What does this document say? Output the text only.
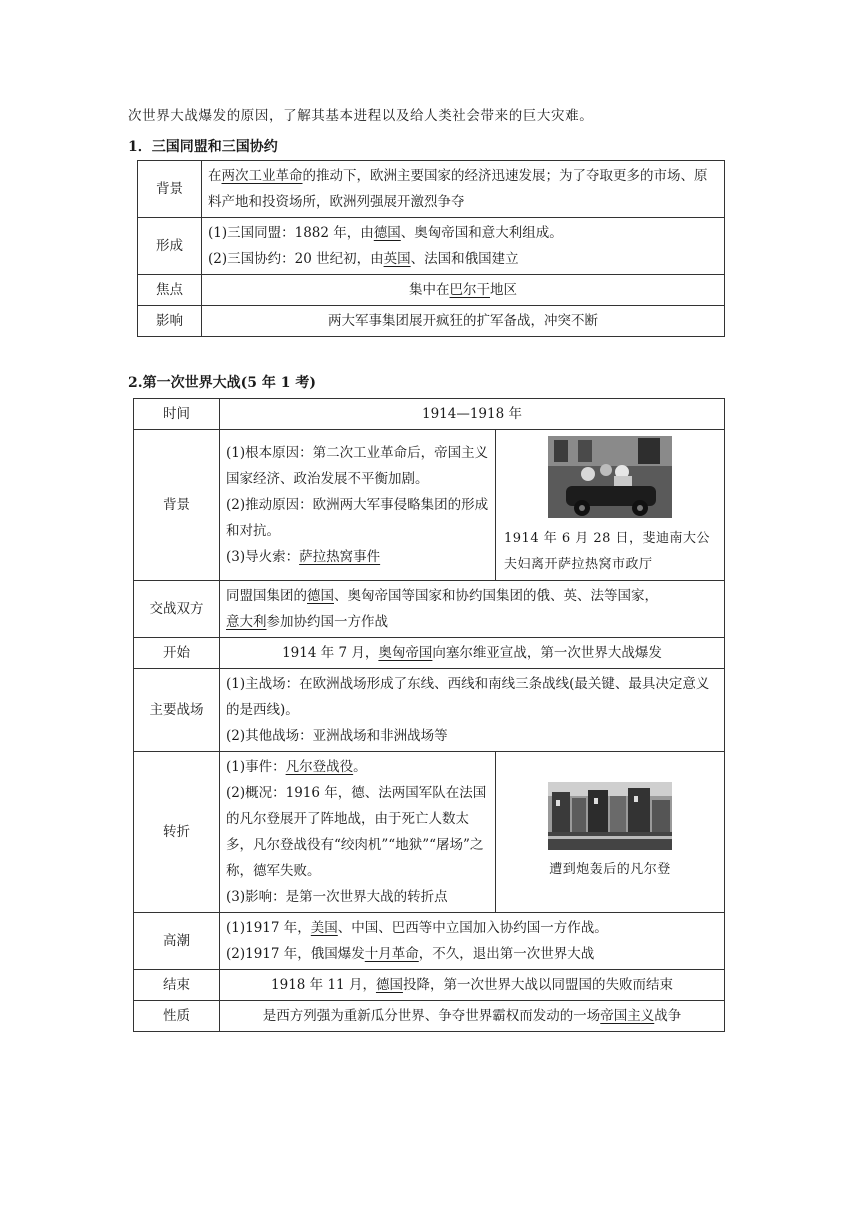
次世界大战爆发的原因，了解其基本进程以及给人类社会带来的巨大灾难。
1．三国同盟和三国协约
背景	在两次工业革命的推动下，欧洲主要国家的经济迅速发展；为了夺取更多的市场、原料产地和投资场所，欧洲列强展开激烈争夺
形成	(1)三国同盟：1882 年，由德国、奥匈帝国和意大利组成。
(2)三国协约：20 世纪初，由英国、法国和俄国建立

焦点	集中在巴尔干地区
影响	两大军事集团展开疯狂的扩军备战，冲突不断
2.第一次世界大战(5 年 1 考)
时间	1914—1918 年	
背景	(1)根本原因：第二次工业革命后，帝国主义国家经济、政治发展不平衡加剧。
(2)推动原因：欧洲两大军事侵略集团的形成和对抗。
(3)导火索：萨拉热窝事件	1914 年 6 月 28 日，斐迪南大公夫妇离开萨拉热窝市政厅

交战双方	同盟国集团的德国、奥匈帝国等国家和协约国集团的俄、英、法等国家，
意大利参加协约国一方作战	
开始	1914 年 7 月，奥匈帝国向塞尔维亚宣战，第一次世界大战爆发	
主要战场	(1)主战场：在欧洲战场形成了东线、西线和南线三条战线(最关键、最具决定意义的是西线)。
(2)其他战场：亚洲战场和非洲战场等	

转折	(1)事件：凡尔登战役。
(2)概况：1916 年，德、法两国军队在法国的凡尔登展开了阵地战，由于死亡人数太多，凡尔登战役有“绞肉机”“地狱”“屠场”之称，德军失败。
(3)影响：是第一次世界大战的转折点	遭到炮轰后的凡尔登

高潮	(1)1917 年，美国、中国、巴西等中立国加入协约国一方作战。
(2)1917 年，俄国爆发十月革命，不久，退出第一次世界大战	

结束	1918 年 11 月，德国投降，第一次世界大战以同盟国的失败而结束	
性质	是西方列强为重新瓜分世界、争夺世界霸权而发动的一场帝国主义战争	
